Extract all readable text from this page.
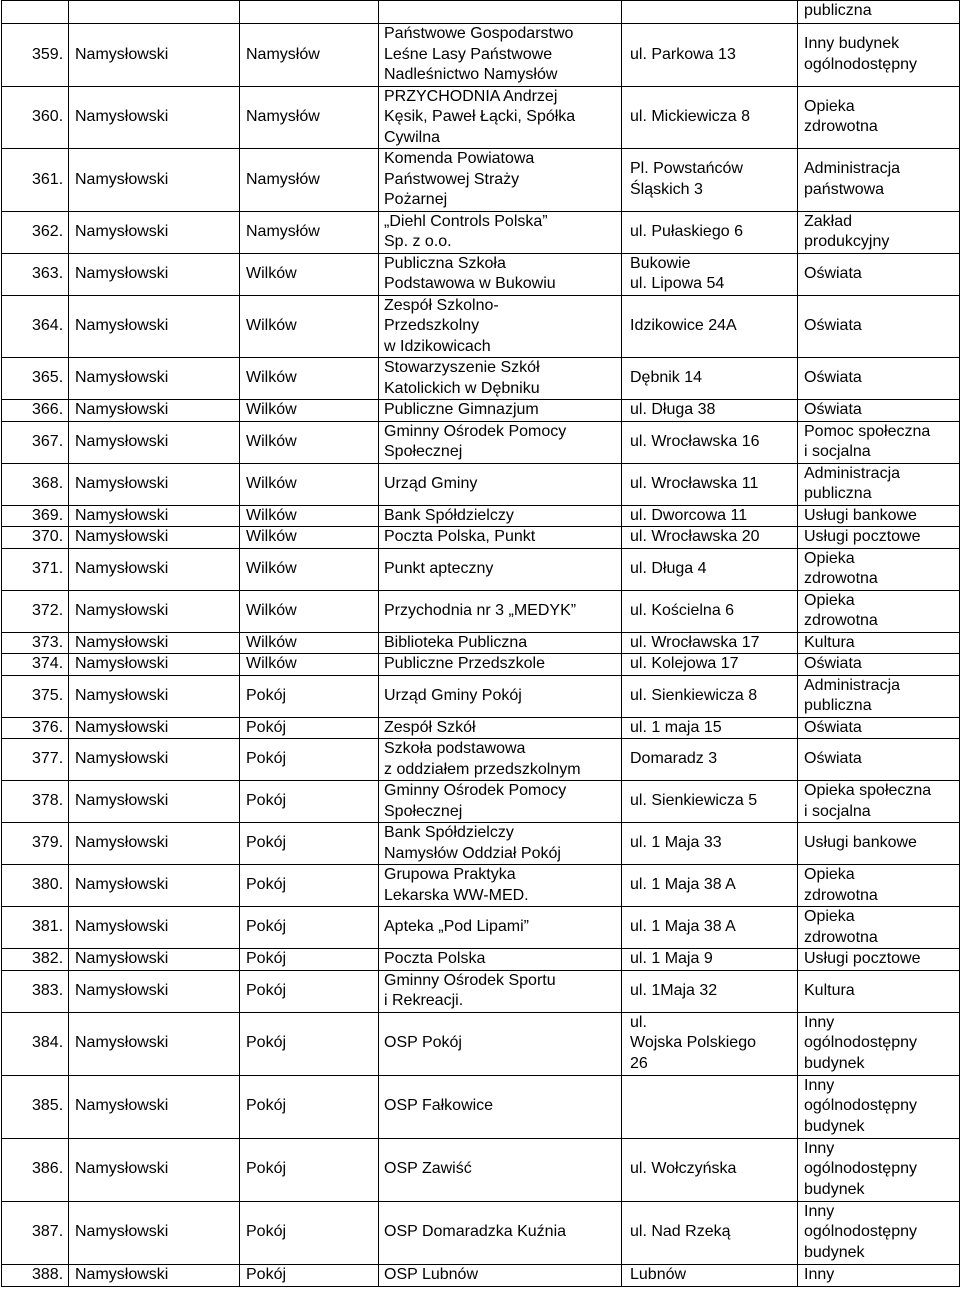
					publiczna
359.	Namysłowski	Namysłów	Państwowe Gospodarstwo
Leśne Lasy Państwowe
Nadleśnictwo Namysłów	ul. Parkowa 13	Inny budynek
ogólnodostępny
360.	Namysłowski	Namysłów	PRZYCHODNIA Andrzej
Kęsik, Paweł Łącki, Spółka
Cywilna	ul. Mickiewicza 8	Opieka
zdrowotna
361.	Namysłowski	Namysłów	Komenda Powiatowa
Państwowej Straży
Pożarnej	Pl. Powstańców
Śląskich 3	Administracja
państwowa
362.	Namysłowski	Namysłów	„Diehl Controls Polska”
Sp. z o.o.	ul. Pułaskiego 6	Zakład
produkcyjny
363.	Namysłowski	Wilków	Publiczna Szkoła
Podstawowa w Bukowiu	Bukowie
ul. Lipowa 54	Oświata
364.	Namysłowski	Wilków	Zespół Szkolno-
Przedszkolny
w Idzikowicach	Idzikowice 24A	Oświata
365.	Namysłowski	Wilków	Stowarzyszenie Szkół
Katolickich w Dębniku	Dębnik 14	Oświata
366.	Namysłowski	Wilków	Publiczne Gimnazjum	ul. Długa 38	Oświata
367.	Namysłowski	Wilków	Gminny Ośrodek Pomocy
Społecznej	ul. Wrocławska 16	Pomoc społeczna
i socjalna
368.	Namysłowski	Wilków	Urząd Gminy	ul. Wrocławska 11	Administracja
publiczna
369.	Namysłowski	Wilków	Bank Spółdzielczy	ul. Dworcowa 11	Usługi bankowe
370.	Namysłowski	Wilków	Poczta Polska, Punkt	ul. Wrocławska 20	Usługi pocztowe
371.	Namysłowski	Wilków	Punkt apteczny	ul. Długa 4	Opieka
zdrowotna
372.	Namysłowski	Wilków	Przychodnia nr 3 „MEDYK”	ul. Kościelna 6	Opieka
zdrowotna
373.	Namysłowski	Wilków	Biblioteka Publiczna	ul. Wrocławska 17	Kultura
374.	Namysłowski	Wilków	Publiczne Przedszkole	ul. Kolejowa 17	Oświata
375.	Namysłowski	Pokój	Urząd Gminy Pokój	ul. Sienkiewicza 8	Administracja
publiczna
376.	Namysłowski	Pokój	Zespół Szkół	ul. 1 maja 15	Oświata
377.	Namysłowski	Pokój	Szkoła podstawowa
z oddziałem przedszkolnym	Domaradz 3	Oświata
378.	Namysłowski	Pokój	Gminny Ośrodek Pomocy
Społecznej	ul. Sienkiewicza 5	Opieka społeczna
i socjalna
379.	Namysłowski	Pokój	Bank Spółdzielczy
Namysłów Oddział Pokój	ul. 1 Maja 33	Usługi bankowe
380.	Namysłowski	Pokój	Grupowa Praktyka
Lekarska WW-MED.	ul. 1 Maja 38 A	Opieka
zdrowotna
381.	Namysłowski	Pokój	Apteka „Pod Lipami”	ul. 1 Maja 38 A	Opieka
zdrowotna
382.	Namysłowski	Pokój	Poczta Polska	ul. 1 Maja 9	Usługi pocztowe
383.	Namysłowski	Pokój	Gminny Ośrodek Sportu
i Rekreacji.	ul. 1Maja 32	Kultura
384.	Namysłowski	Pokój	OSP Pokój	ul.
Wojska Polskiego
26	Inny
ogólnodostępny
budynek
385.	Namysłowski	Pokój	OSP Fałkowice		Inny
ogólnodostępny
budynek
386.	Namysłowski	Pokój	OSP Zawiść	ul. Wołczyńska	Inny
ogólnodostępny
budynek
387.	Namysłowski	Pokój	OSP Domaradzka Kuźnia	ul. Nad Rzeką	Inny
ogólnodostępny
budynek
388.	Namysłowski	Pokój	OSP Lubnów	Lubnów	Inny
